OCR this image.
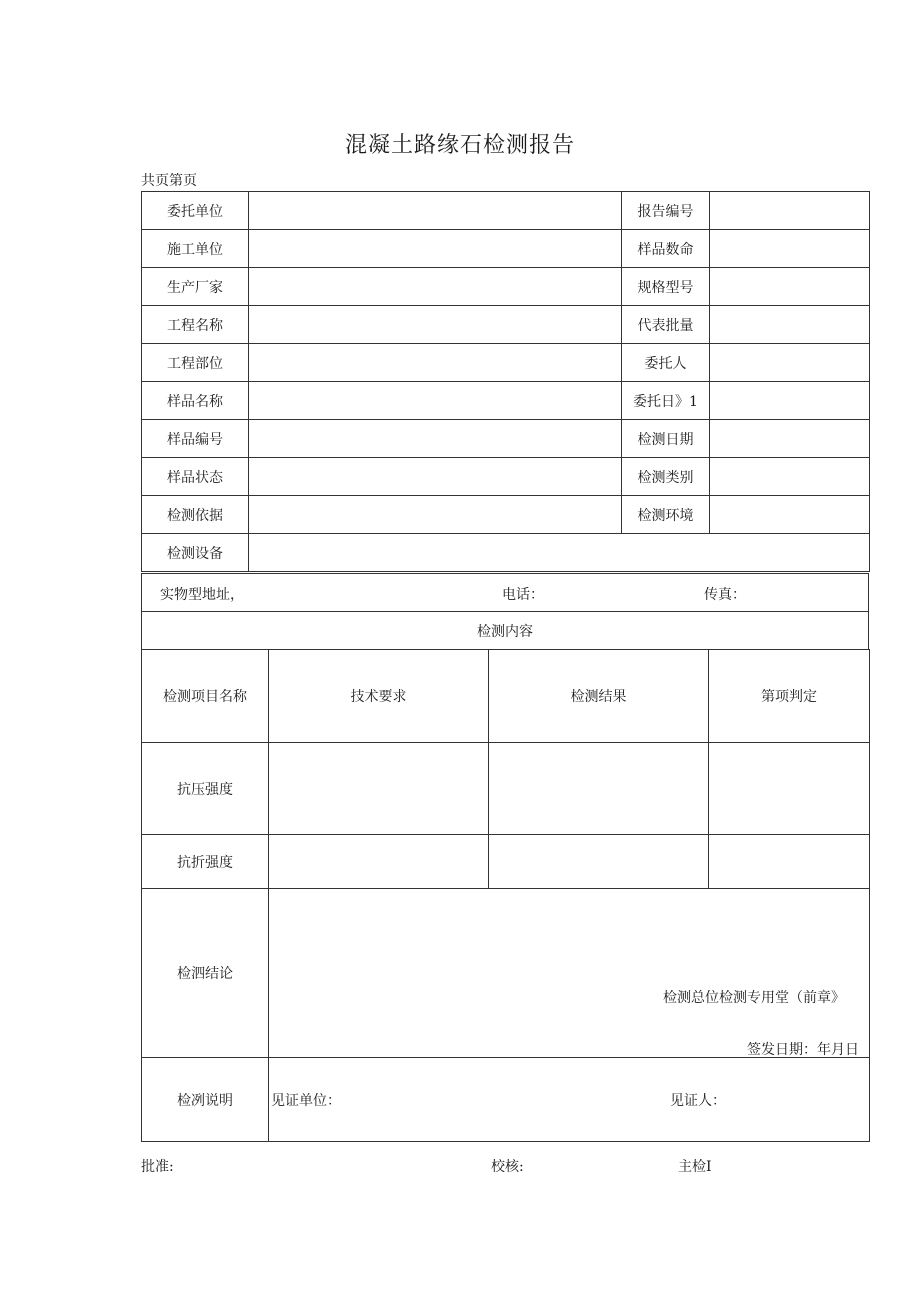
混凝土路缘石检测报告
共页第页
委托单位		报告编号	
施工单位		样品数命	
生产厂家		规格型号	
工程名称		代表批量	
工程部位		委托人	
样品名称		委托日》1	
样品编号		检测日期	
样品状态		检测类别	
检测依据		检测环境	
检测设备			
实物型地址，	电话：	传真：

检测内容
检测项目名称	技术要求	检测结果	第项判定
抗压强度			
抗折强度			
检泗结论	检测总位检测专用堂（前章》
签发日期：年月日		

检冽说明	见证单位： 见证人：		
批准:	校核:	主检I
